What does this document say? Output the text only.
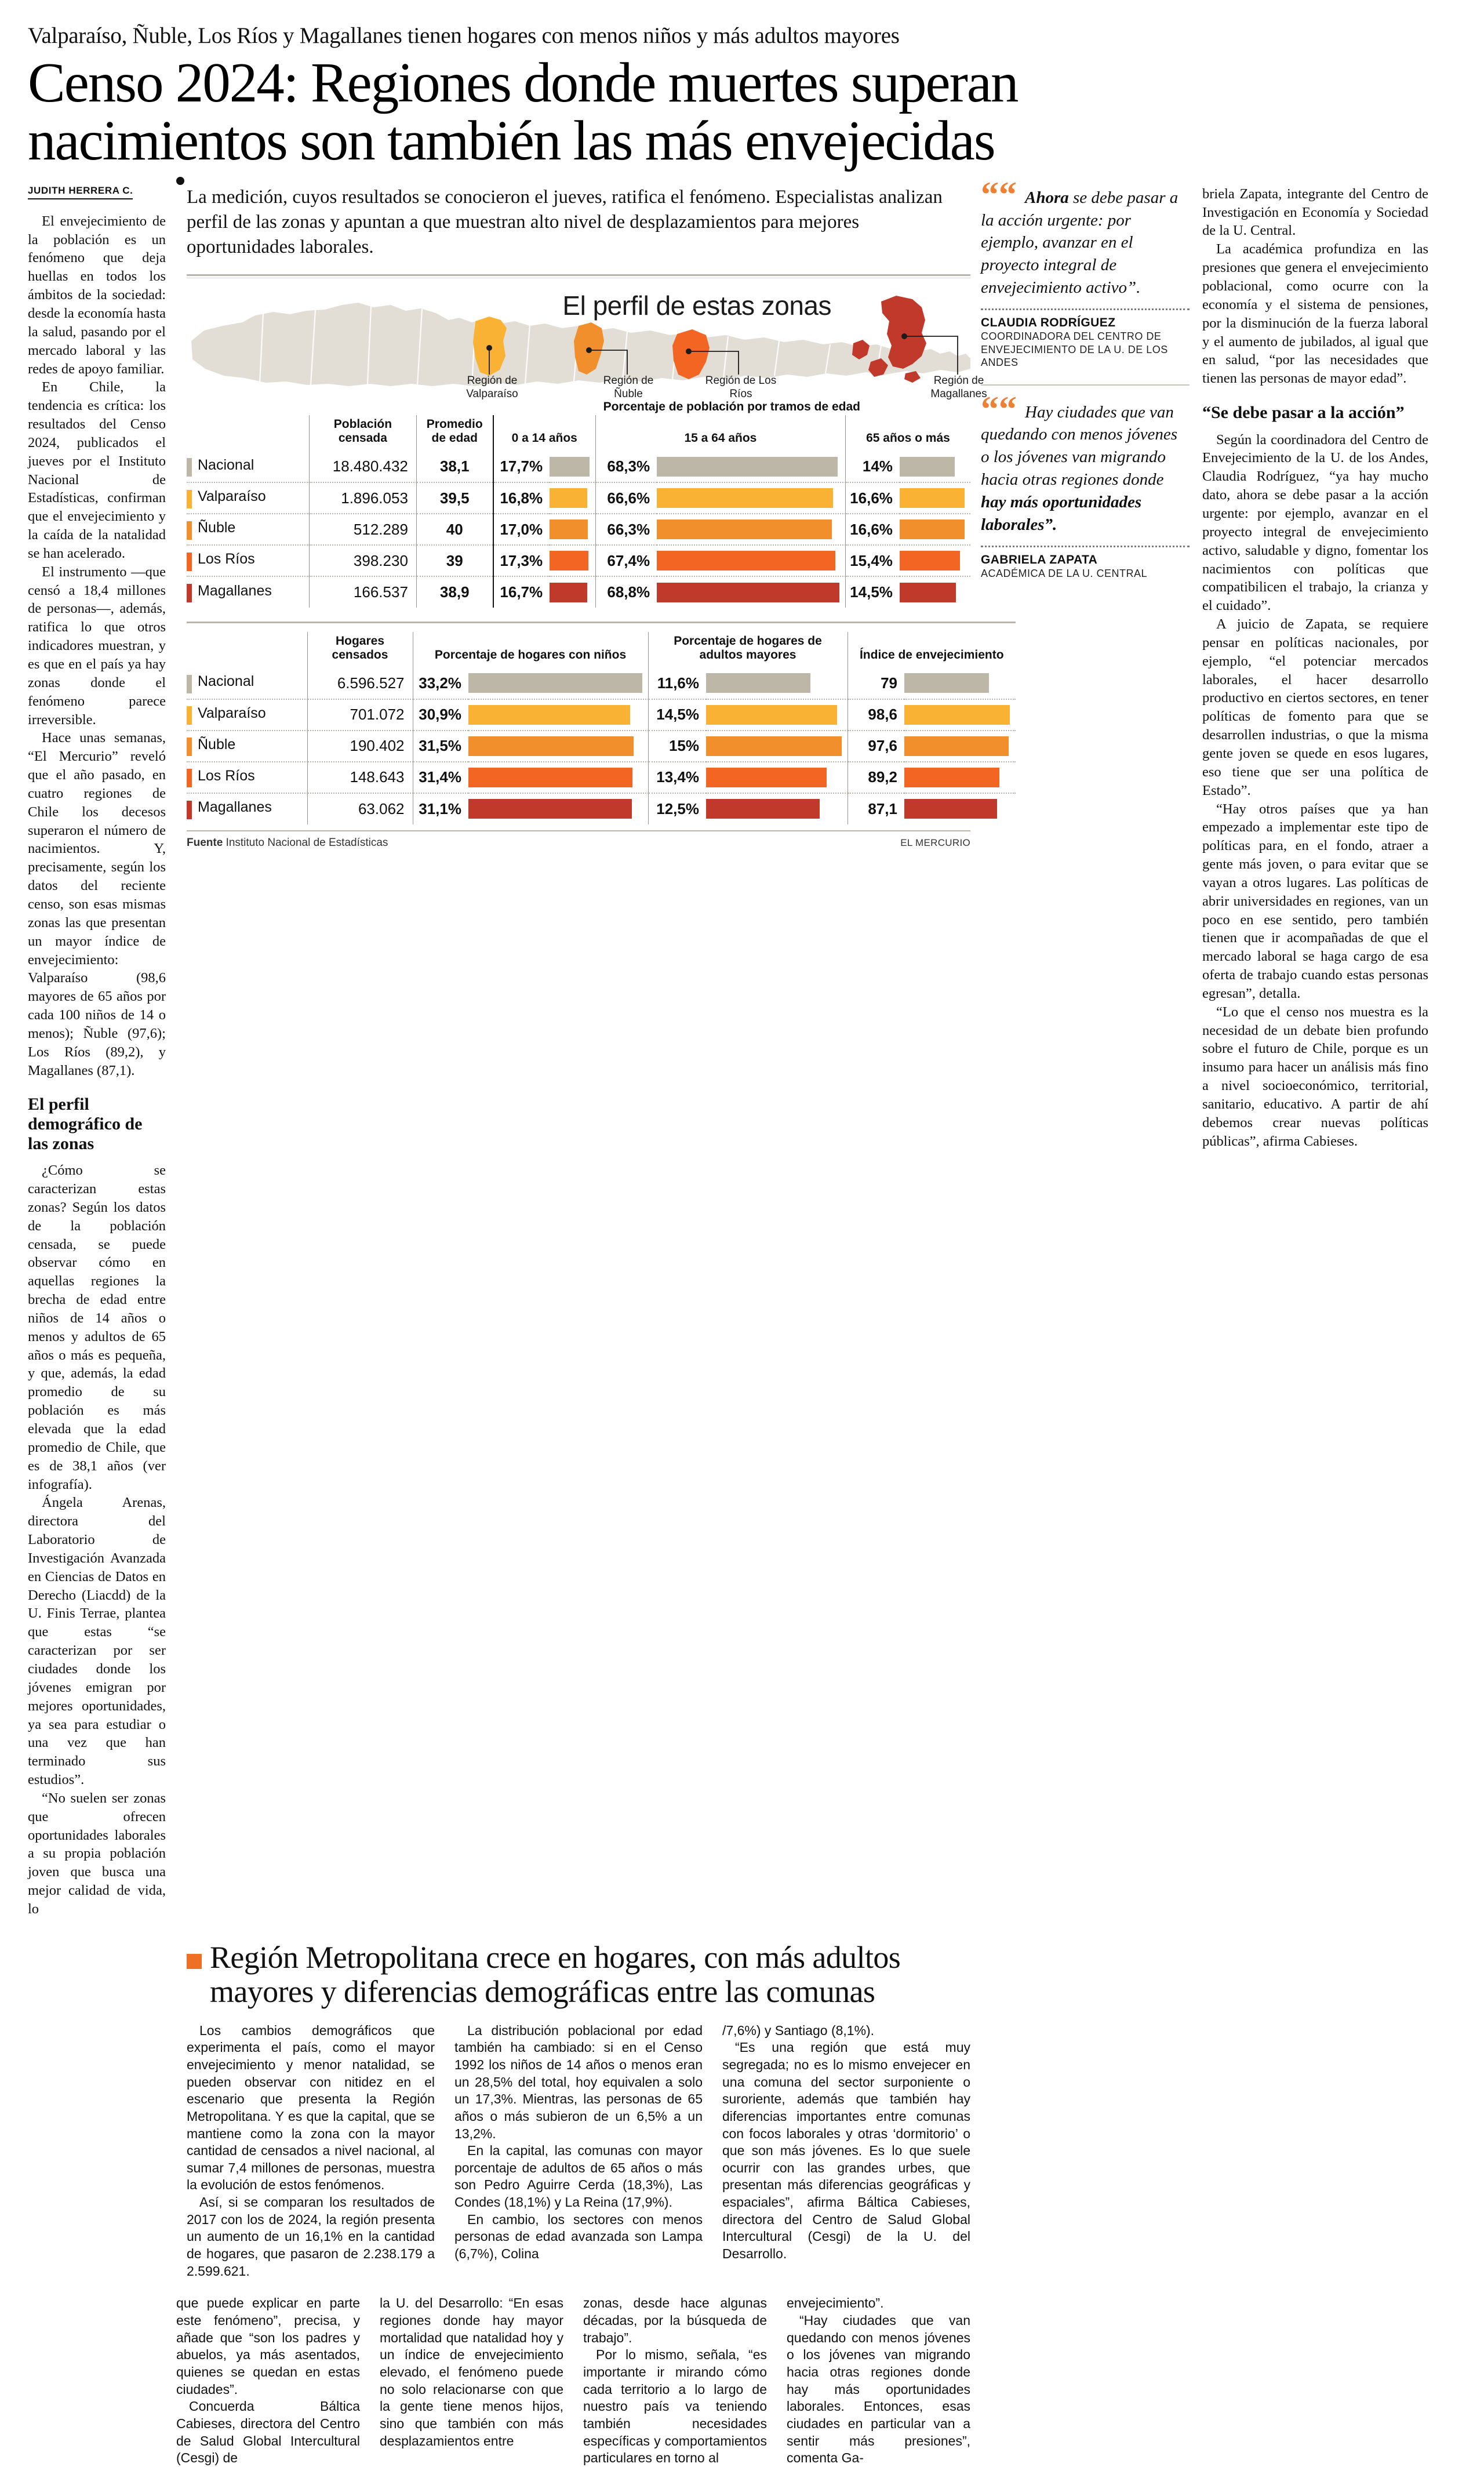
Valparaíso, Ñuble, Los Ríos y Magallanes tienen hogares con menos niños y más adultos mayores
Censo 2024: Regiones donde muertes superan
nacimientos son también las más envejecidas
JUDITH HERRERA C.

El envejecimiento de la población es un fenómeno que deja huellas en todos los ámbitos de la sociedad: desde la economía hasta la salud, pasando por el mercado laboral y las redes de apoyo familiar.

En Chile, la tendencia es crítica: los resultados del Censo 2024, publicados el jueves por el Instituto Nacional de Estadísticas, confirman que el envejecimiento y la caída de la natalidad se han acelerado.

El instrumento —que censó a 18,4 millones de personas—, además, ratifica lo que otros indicadores muestran, y es que en el país ya hay zonas donde el fenómeno parece irreversible.

Hace unas semanas, “El Mercurio” reveló que el año pasado, en cuatro regiones de Chile los decesos superaron el número de nacimientos. Y, precisamente, según los datos del reciente censo, son esas mismas zonas las que presentan un mayor índice de envejecimiento: Valparaíso (98,6 mayores de 65 años por cada 100 niños de 14 o menos); Ñuble (97,6); Los Ríos (89,2), y Magallanes (87,1).

El perfil demográfico de las zonas

¿Cómo se caracterizan estas zonas? Según los datos de la población censada, se puede observar cómo en aquellas regiones la brecha de edad entre niños de 14 años o menos y adultos de 65 años o más es pequeña, y que, además, la edad promedio de su población es más elevada que la edad promedio de Chile, que es de 38,1 años (ver infografía).

Ángela Arenas, directora del Laboratorio de Investigación Avanzada en Ciencias de Datos en Derecho (Liacdd) de la U. Finis Terrae, plantea que estas “se caracterizan por ser ciudades donde los jóvenes emigran por mejores oportunidades, ya sea para estudiar o una vez que han terminado sus estudios”.

“No suelen ser zonas que ofrecen oportunidades laborales a su propia población joven que busca una mejor calidad de vida, lo

La medición, cuyos resultados se conocieron el jueves, ratifica el fenómeno. Especialistas analizan perfil de las zonas y apuntan a que muestran alto nivel de desplazamientos para mejores oportunidades laborales.
El perfil de estas zonas
Región de Valparaíso
Región de Ñuble
Región de Los Ríos
Región de Magallanes
			Porcentaje de población por tramos de edad					
	Población censada	Promedio de edad	0 a 14 años		15 a 64 años		65 años o más	
Nacional	18.480.432	38,1	17,7%		68,3%		14%	

Valparaíso	1.896.053	39,5	16,8%		66,6%		16,6%	

Ñuble	512.289	40	17,0%		66,3%		16,6%	

Los Ríos	398.230	39	17,3%		67,4%		15,4%	

Magallanes	166.537	38,9	16,7%		68,8%		14,5%	

	Hogares censados	Porcentaje de hogares con niños		Porcentaje de hogares de adultos mayores		Índice de envejecimiento	
Nacional	6.596.527	33,2%		11,6%		79	

Valparaíso	701.072	30,9%		14,5%		98,6	

Ñuble	190.402	31,5%		15%		97,6	

Los Ríos	148.643	31,4%		13,4%		89,2	

Magallanes	63.062	31,1%		12,5%		87,1	
Fuente Instituto Nacional de Estadísticas	EL MERCURIO
““ Ahora se debe pasar a la acción urgente: por ejemplo, avanzar en el proyecto integral de envejecimiento activo”.
CLAUDIA RODRÍGUEZ
COORDINADORA DEL CENTRO DE ENVEJECIMIENTO DE LA U. DE LOS ANDES
““ Hay ciudades que van quedando con menos jóvenes o los jóvenes van migrando hacia otras regiones donde hay más oportunidades laborales”.
GABRIELA ZAPATA
ACADÉMICA DE LA U. CENTRAL

briela Zapata, integrante del Centro de Investigación en Economía y Sociedad de la U. Central.

La académica profundiza en las presiones que genera el envejecimiento poblacional, como ocurre con la economía y el sistema de pensiones, por la disminución de la fuerza laboral y el aumento de jubilados, al igual que en salud, “por las necesidades que tienen las personas de mayor edad”.

“Se debe pasar a la acción”

Según la coordinadora del Centro de Envejecimiento de la U. de los Andes, Claudia Rodríguez, “ya hay mucho dato, ahora se debe pasar a la acción urgente: por ejemplo, avanzar en el proyecto integral de envejecimiento activo, saludable y digno, fomentar los nacimientos con políticas que compatibilicen el trabajo, la crianza y el cuidado”.

A juicio de Zapata, se requiere pensar en políticas nacionales, por ejemplo, “el potenciar mercados laborales, el hacer desarrollo productivo en ciertos sectores, en tener políticas de fomento para que se desarrollen industrias, o que la misma gente joven se quede en esos lugares, eso tiene que ser una política de Estado”.

“Hay otros países que ya han empezado a implementar este tipo de políticas para, en el fondo, atraer a gente más joven, o para evitar que se vayan a otros lugares. Las políticas de abrir universidades en regiones, van un poco en ese sentido, pero también tienen que ir acompañadas de que el mercado laboral se haga cargo de esa oferta de trabajo cuando estas personas egresan”, detalla.

“Lo que el censo nos muestra es la necesidad de un debate bien profundo sobre el futuro de Chile, porque es un insumo para hacer un análisis más fino a nivel socioeconómico, territorial, sanitario, educativo. A partir de ahí debemos crear nuevas políticas públicas”, afirma Cabieses.

Región Metropolitana crece en hogares, con más adultos
mayores y diferencias demográficas entre las comunas

Los cambios demográficos que experimenta el país, como el mayor envejecimiento y menor natalidad, se pueden observar con nitidez en el escenario que presenta la Región Metropolitana. Y es que la capital, que se mantiene como la zona con la mayor cantidad de censados a nivel nacional, al sumar 7,4 millones de personas, muestra la evolución de estos fenómenos.

Así, si se comparan los resultados de 2017 con los de 2024, la región presenta un aumento de un 16,1% en la cantidad de hogares, que pasaron de 2.238.179 a 2.599.621.

La distribución poblacional por edad también ha cambiado: si en el Censo 1992 los niños de 14 años o menos eran un 28,5% del total, hoy equivalen a solo un 17,3%. Mientras, las personas de 65 años o más subieron de un 6,5% a un 13,2%.

En la capital, las comunas con mayor porcentaje de adultos de 65 años o más son Pedro Aguirre Cerda (18,3%), Las Condes (18,1%) y La Reina (17,9%).

En cambio, los sectores con menos personas de edad avanzada son Lampa (6,7%), Colina

/7,6%) y Santiago (8,1%).

“Es una región que está muy segregada; no es lo mismo envejecer en una comuna del sector surponiente o suroriente, además que también hay diferencias importantes entre comunas con focos laborales y otras ‘dormitorio’ o que son más jóvenes. Es lo que suele ocurrir con las grandes urbes, que presentan más diferencias geográficas y espaciales”, afirma Báltica Cabieses, directora del Centro de Salud Global Intercultural (Cesgi) de la U. del Desarrollo.

que puede explicar en parte este fenómeno”, precisa, y añade que “son los padres y abuelos, ya más asentados, quienes se quedan en estas ciudades”.

Concuerda Báltica Cabieses, directora del Centro de Salud Global Intercultural (Cesgi) de

la U. del Desarrollo: “En esas regiones donde hay mayor mortalidad que natalidad hoy y un índice de envejecimiento elevado, el fenómeno puede no solo relacionarse con que la gente tiene menos hijos, sino que también con más desplazamientos entre

zonas, desde hace algunas décadas, por la búsqueda de trabajo”.

Por lo mismo, señala, “es importante ir mirando cómo cada territorio a lo largo de nuestro país va teniendo también necesidades específicas y comportamientos particulares en torno al

envejecimiento”.

“Hay ciudades que van quedando con menos jóvenes o los jóvenes van migrando hacia otras regiones donde hay más oportunidades laborales. Entonces, esas ciudades en particular van a sentir más presiones”, comenta Ga-
